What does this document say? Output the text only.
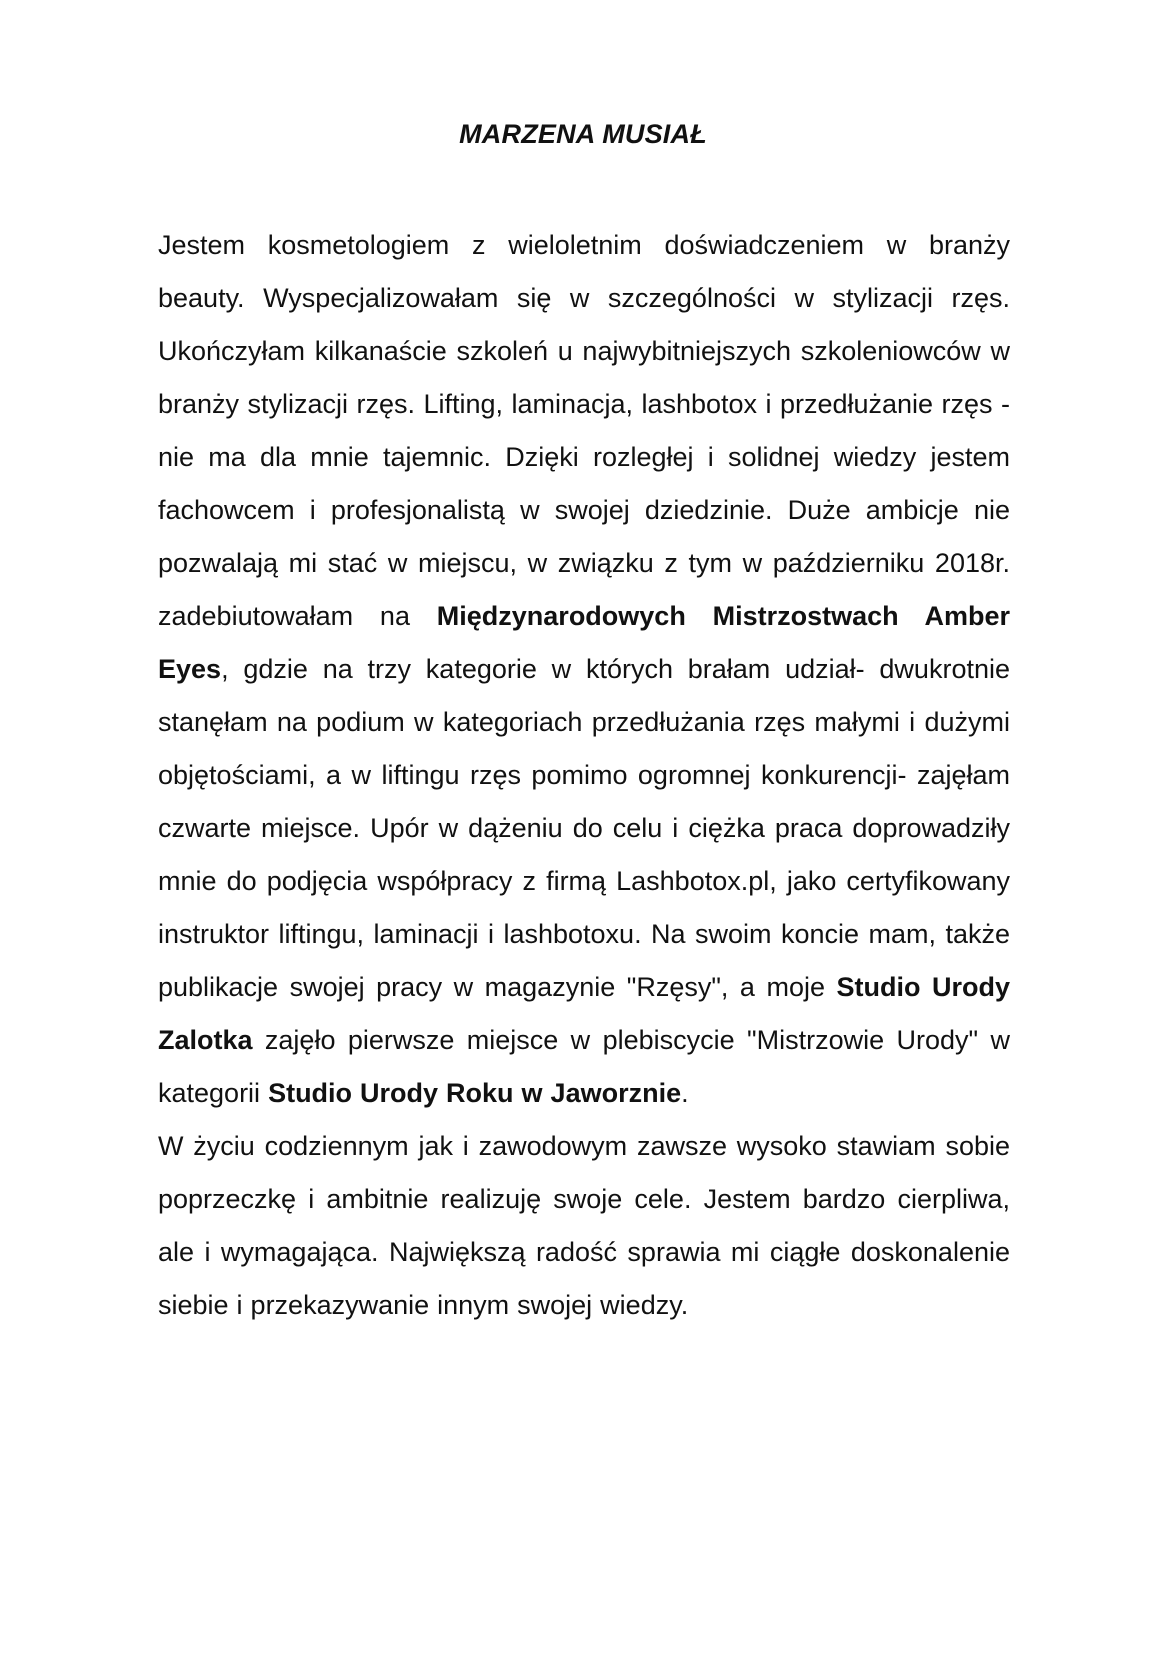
MARZENA MUSIAŁ

Jestem kosmetologiem z wieloletnim doświadczeniem w branży beauty. Wyspecjalizowałam się w szczególności w stylizacji rzęs. Ukończyłam kilkanaście szkoleń u najwybitniejszych szkoleniowców w branży stylizacji rzęs. Lifting, laminacja, lashbotox i przedłużanie rzęs - nie ma dla mnie tajemnic. Dzięki rozległej i solidnej wiedzy jestem fachowcem i profesjonalistą w swojej dziedzinie. Duże ambicje nie pozwalają mi stać w miejscu, w związku z tym w październiku 2018r. zadebiutowałam na Międzynarodowych Mistrzostwach Amber Eyes, gdzie na trzy kategorie w których brałam udział- dwukrotnie stanęłam na podium w kategoriach przedłużania rzęs małymi i dużymi objętościami, a w liftingu rzęs pomimo ogromnej konkurencji- zajęłam czwarte miejsce. Upór w dążeniu do celu i ciężka praca doprowadziły mnie do podjęcia współpracy z firmą Lashbotox.pl, jako certyfikowany instruktor liftingu, laminacji i lashbotoxu. Na swoim koncie mam, także publikacje swojej pracy w magazynie "Rzęsy", a moje Studio Urody Zalotka zajęło pierwsze miejsce w plebiscycie "Mistrzowie Urody" w kategorii Studio Urody Roku w Jaworznie.

W życiu codziennym jak i zawodowym zawsze wysoko stawiam sobie poprzeczkę i ambitnie realizuję swoje cele. Jestem bardzo cierpliwa, ale i wymagająca. Największą radość sprawia mi ciągłe doskonalenie siebie i przekazywanie innym swojej wiedzy.
